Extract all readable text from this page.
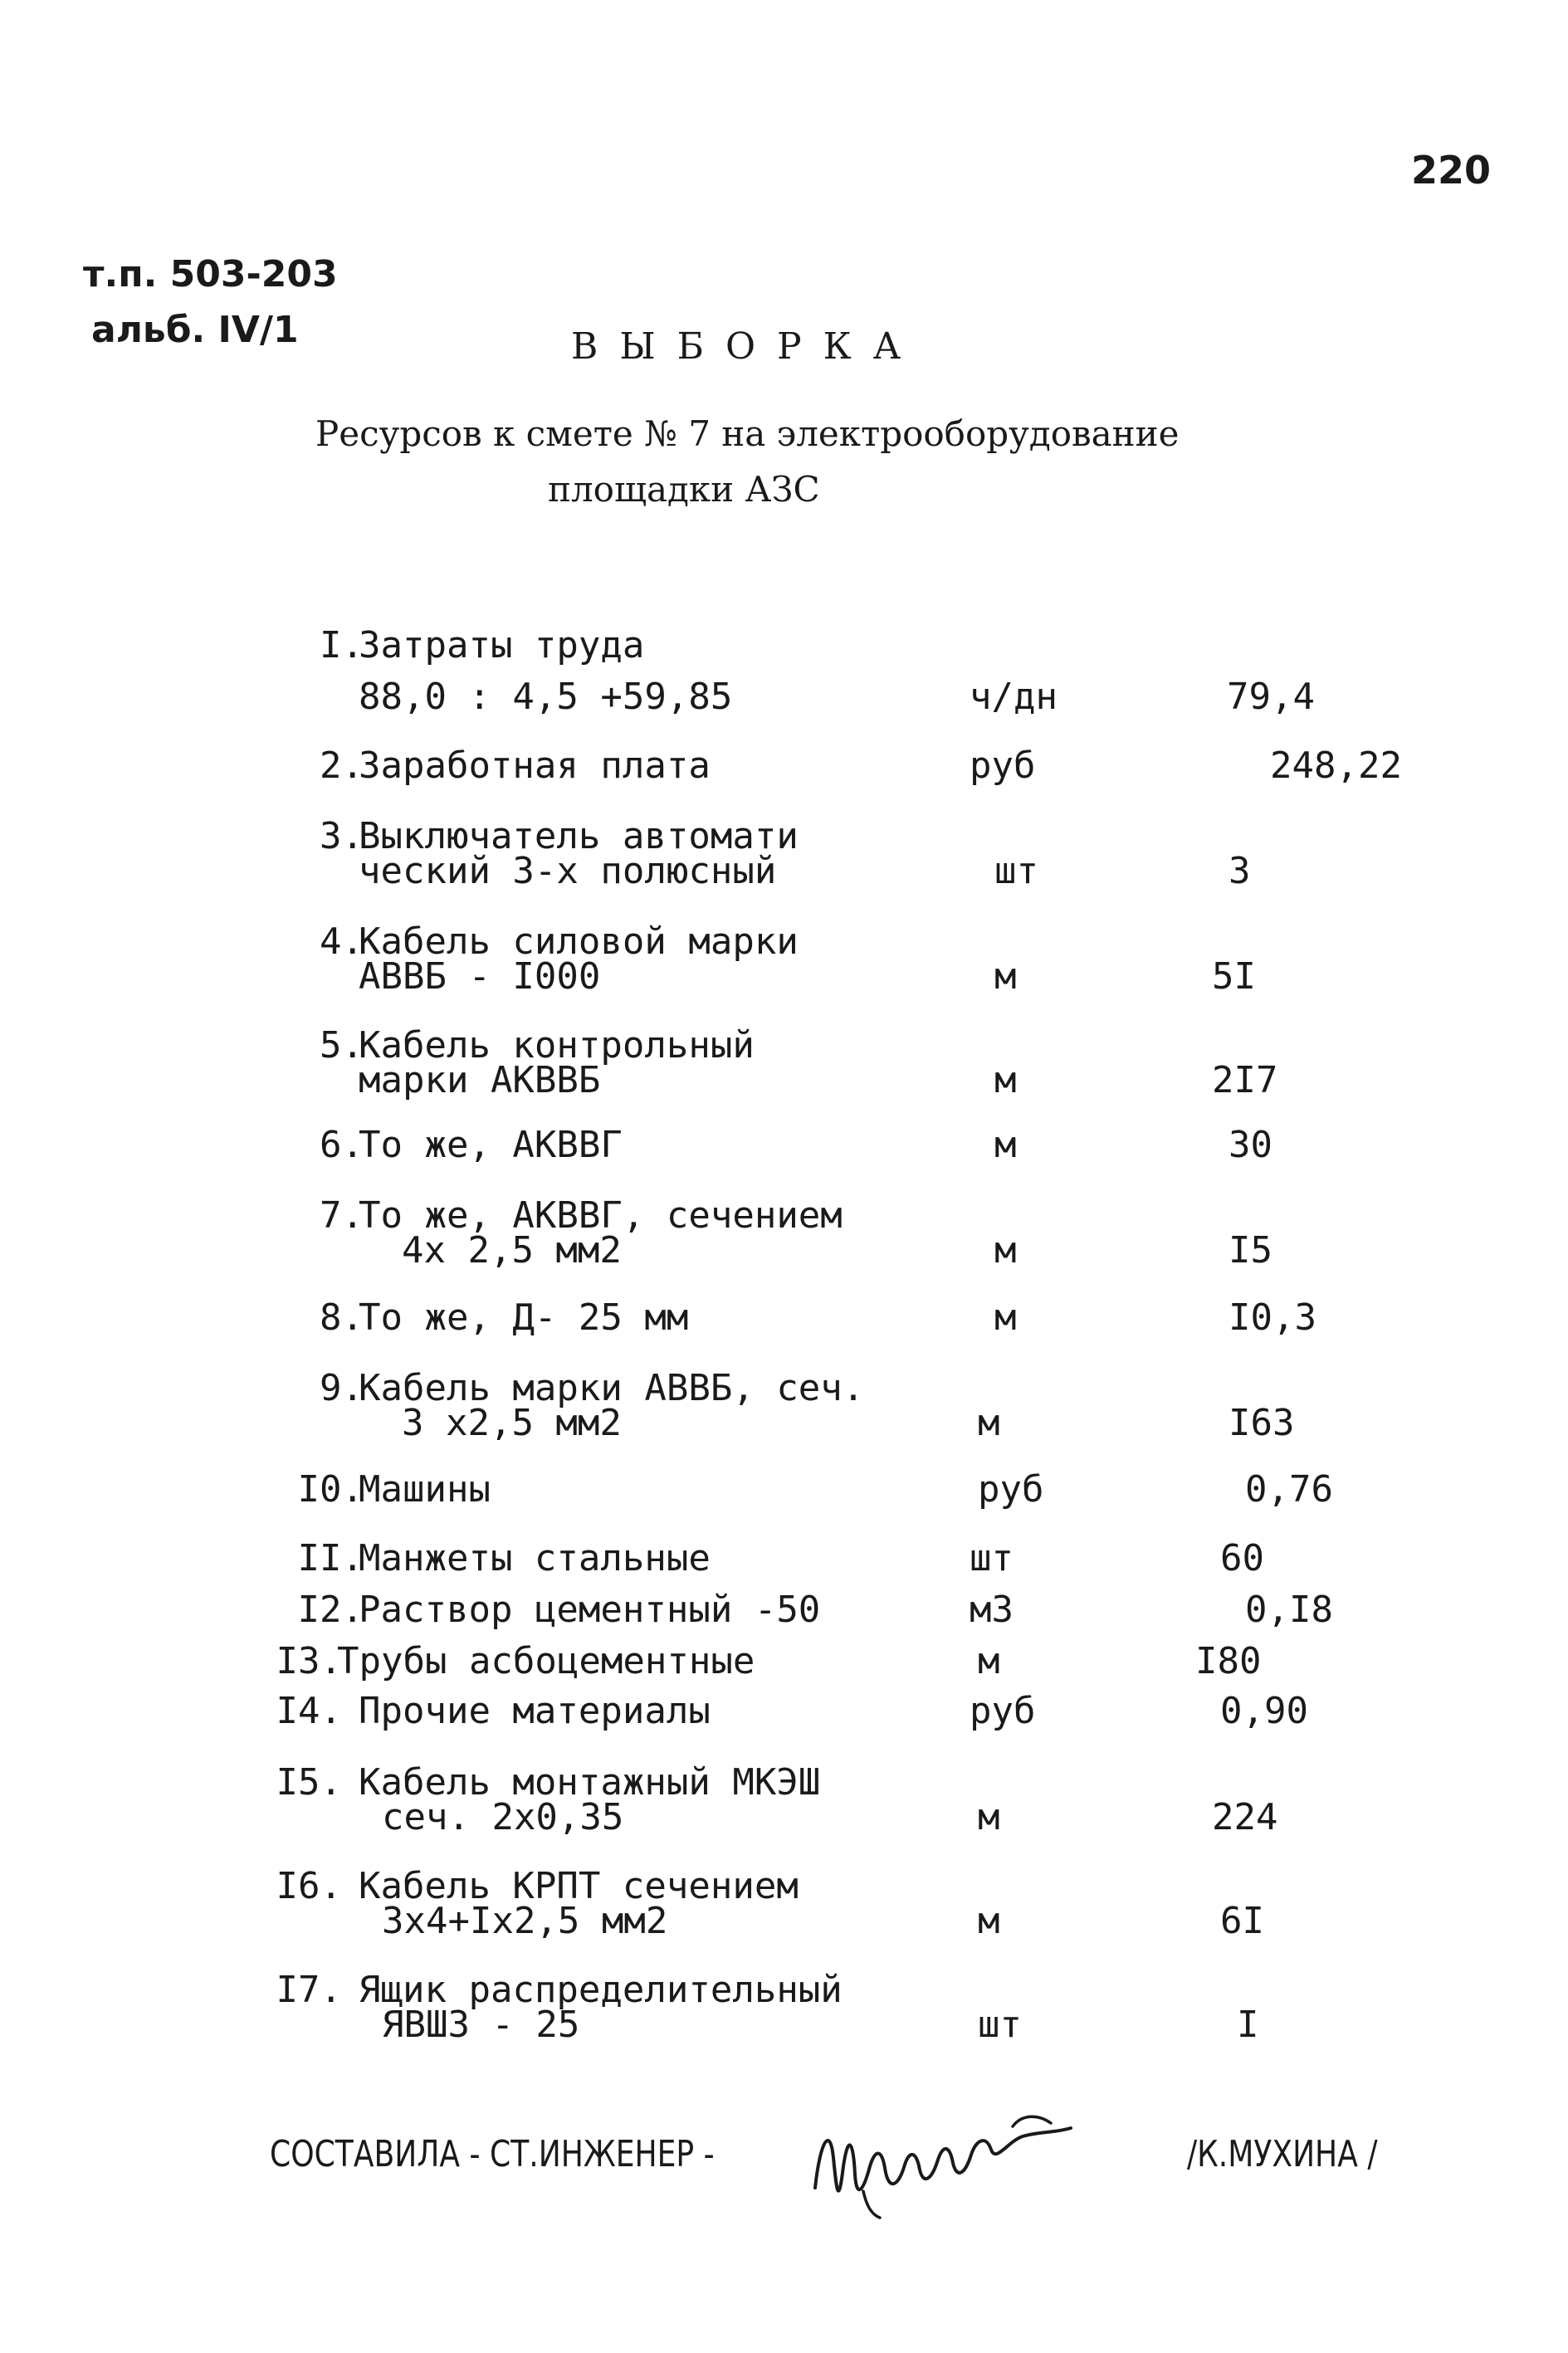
220
т.п. 503-203
альб. IV/1	ВЫБОРКА
Ресурсов к смете № 7 на электрооборудование
площадки АЗС
I.
Затраты труда
88,0 : 4,5 +59,85	ч/дн	79,4
2.
Заработная плата	руб	248,22
3.
Выключатель автомати
ческий 3-х полюсный	шт	3
4.
Кабель силовой марки
АВВБ - I000	м	5I
5.
Кабель контрольный
марки АКВВБ	м	2I7
6.
То же, АКВВГ	м	30
7.
То же, АКВВГ, сечением
4х 2,5 мм2	м	I5
8.
То же, Д- 25 мм	м	I0,3
9.
Кабель марки АВВБ, сеч.
3 х2,5 мм2	м	I63
I0.
Машины	руб	0,76
II.
Манжеты стальные	шт	60
I2.
Раствор цементный -50	м3	0,I8
I3.
Трубы асбоцементные	м	I80
I4. Прочие материалы	руб	0,90
I5. Кабель монтажный МКЭШ
сеч. 2х0,35	м	224
I6. Кабель КРПТ сечением
3х4+Iх2,5 мм2	м	6I
I7. Ящик распределительный
ЯВШЗ - 25	шт	I
СОСТАВИЛА - СТ.ИНЖЕНЕР -	/К.МУХИНА /
